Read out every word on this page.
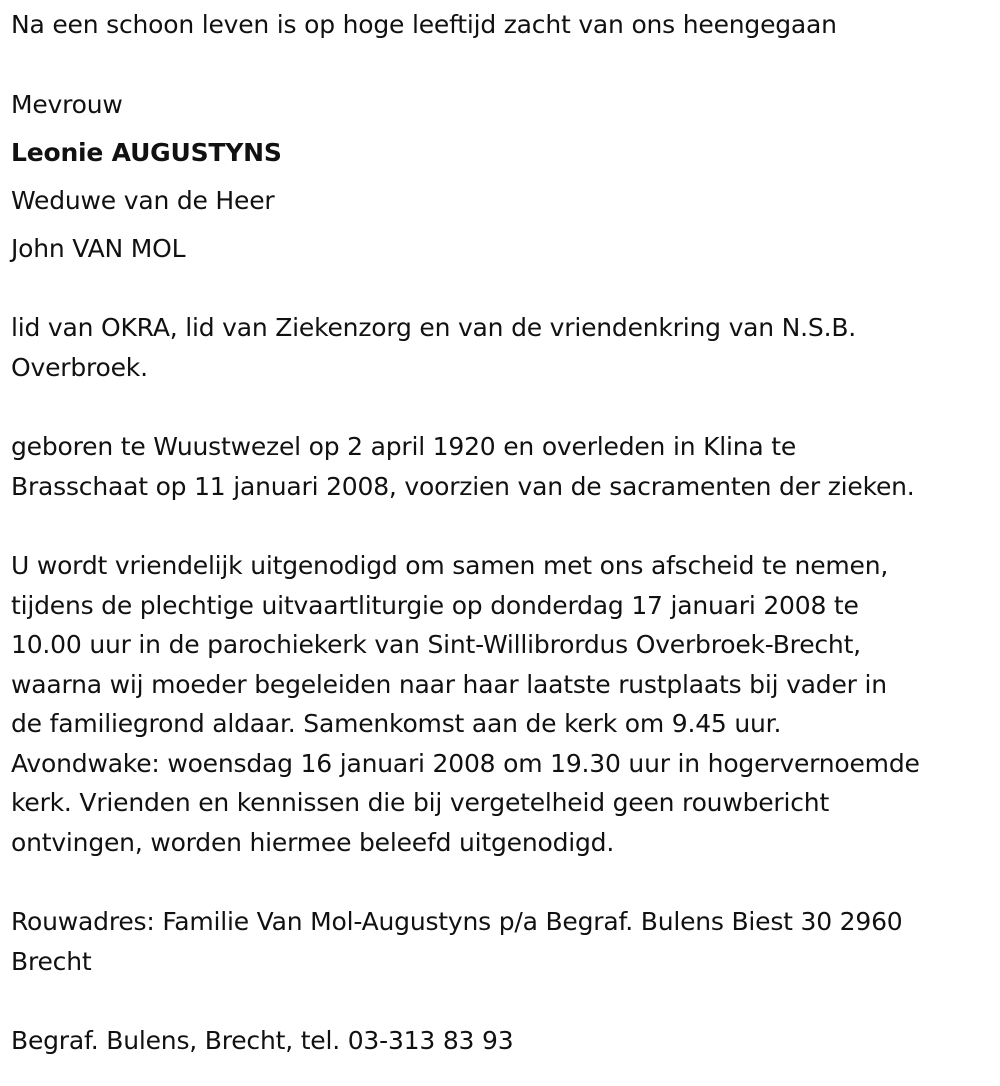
Na een schoon leven is op hoge leeftijd zacht van ons heengegaan
Mevrouw
Leonie AUGUSTYNS
Weduwe van de Heer
John VAN MOL
lid van OKRA, lid van Ziekenzorg en van de vriendenkring van N.S.B.
Overbroek.
geboren te Wuustwezel op 2 april 1920 en overleden in Klina te
Brasschaat op 11 januari 2008, voorzien van de sacramenten der zieken.
U wordt vriendelijk uitgenodigd om samen met ons afscheid te nemen,
tijdens de plechtige uitvaartliturgie op donderdag 17 januari 2008 te
10.00 uur in de parochiekerk van Sint-Willibrordus Overbroek-Brecht,
waarna wij moeder begeleiden naar haar laatste rustplaats bij vader in
de familiegrond aldaar. Samenkomst aan de kerk om 9.45 uur.
Avondwake: woensdag 16 januari 2008 om 19.30 uur in hogervernoemde
kerk. Vrienden en kennissen die bij vergetelheid geen rouwbericht
ontvingen, worden hiermee beleefd uitgenodigd.
Rouwadres: Familie Van Mol-Augustyns p/a Begraf. Bulens Biest 30 2960
Brecht
Begraf. Bulens, Brecht, tel. 03-313 83 93
